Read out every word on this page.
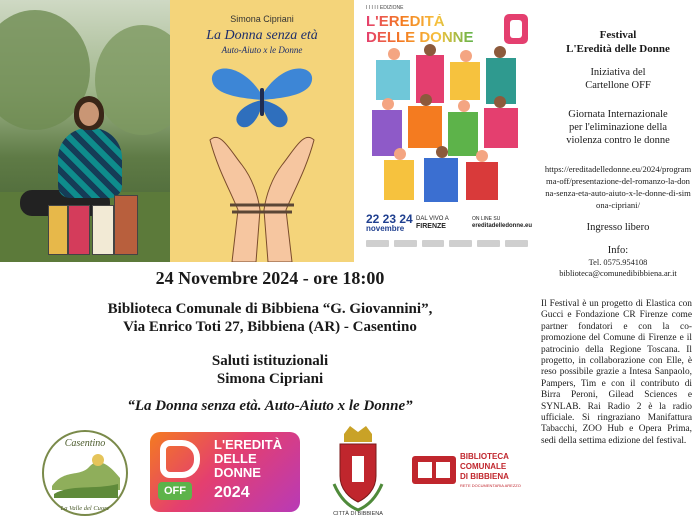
Simona Cipriani
La Donna senza età
Auto-Aiuto x le Donne
I I I I I EDIZIONE
L'EREDITÀ
DELLE DONNE
22 23 24
novembre
DAL VIVO A
FIRENZE
ON LINE SU
ereditadelledonne.eu
Festival
L'Eredità delle Donne
Iniziativa del
Cartellone OFF
Giornata Internazionale
per l'eliminazione della
violenza contro le donne
https://ereditadelledonne.eu/2024/programma-off/presentazione-del-romanzo-la-donna-senza-eta-auto-aiuto-x-le-donne-di-simona-cipriani/
Ingresso libero
Info:
Tel. 0575.954108
biblioteca@comunedibibbiena.ar.it
Il Festival è un progetto di Elastica con Gucci e Fondazione CR Firenze come partner fondatori e con la co-promozione del Comune di Firenze e il patrocinio della Regione Toscana. Il progetto, in collaborazione con Elle, è reso possibile grazie a Intesa Sanpaolo, Pampers, Tim e con il contributo di Birra Peroni, Gilead Sciences e SYNLAB. Rai Radio 2 è la radio ufficiale. Si ringraziano Manifattura Tabacchi, ZOO Hub e Opera Prima, sedi della settima edizione del festival.
24 Novembre 2024 - ore 18:00
Biblioteca Comunale di Bibbiena “G. Giovannini”,
Via Enrico Toti 27, Bibbiena (AR) - Casentino
Saluti istituzionali
Simona Cipriani
“La Donna senza età. Auto-Aiuto x le Donne”
Casentino
La Valle del Cuore
L'EREDITÀ
DELLE
DONNE
2024
OFF
CITTÀ DI BIBBIENA
BIBLIOTECA
COMUNALE
DI BIBBIENA
RETE DOCUMENTARIA AREZZO
